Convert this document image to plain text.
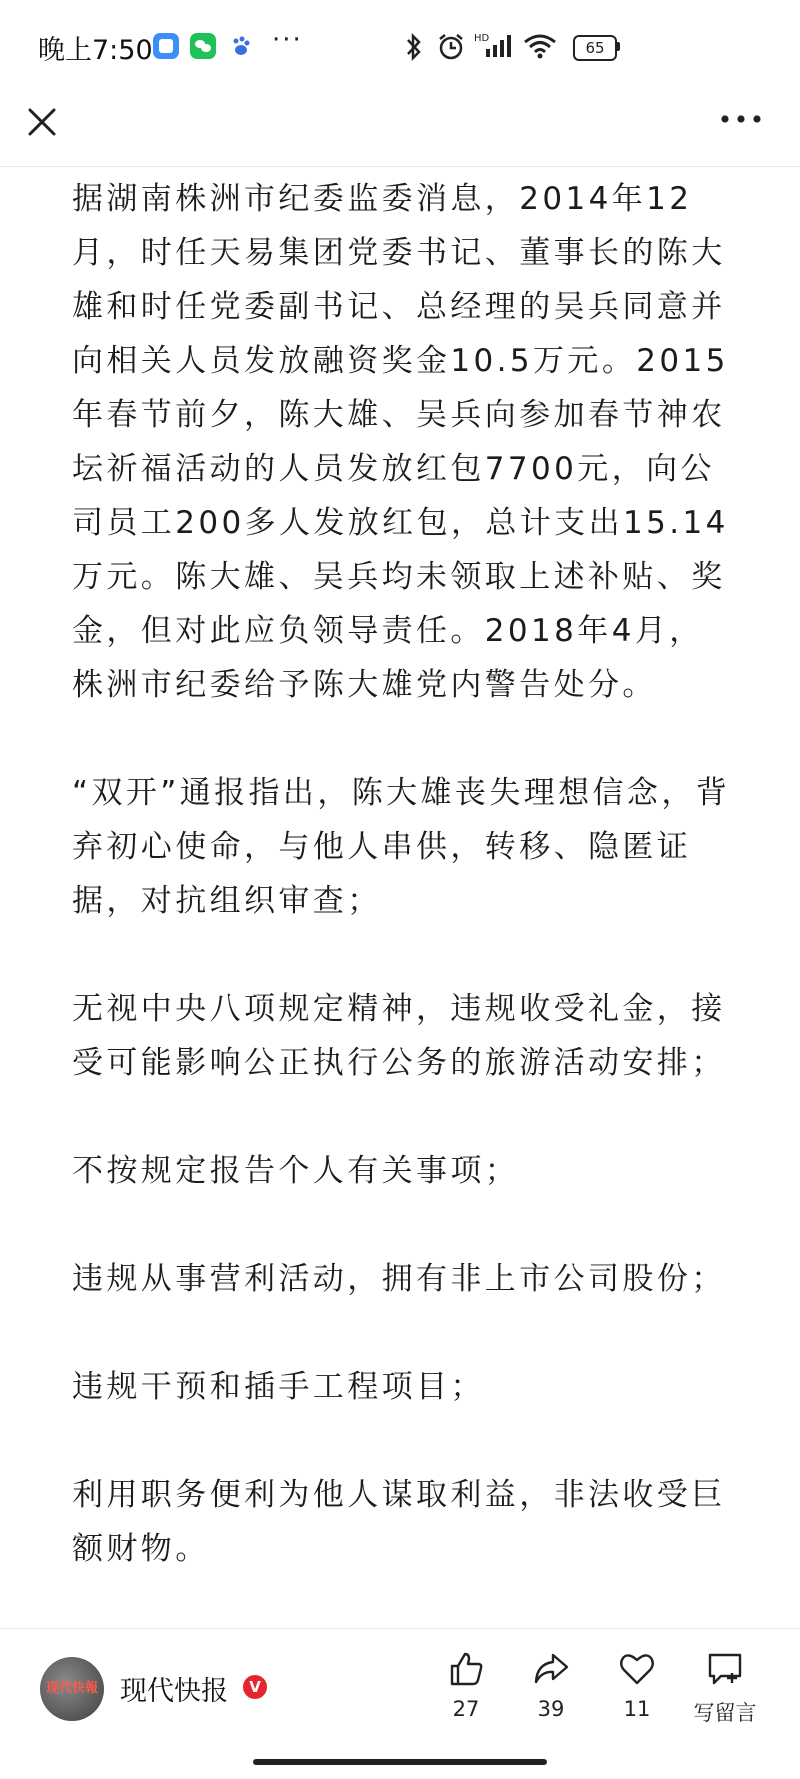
晚上7:50	···	HD
65

据湖南株洲市纪委监委消息，2014年12月，时任天易集团党委书记、董事长的陈大雄和时任党委副书记、总经理的吴兵同意并向相关人员发放融资奖金10.5万元。2015年春节前夕，陈大雄、吴兵向参加春节神农坛祈福活动的人员发放红包7700元，向公司员工200多人发放红包，总计支出15.14万元。陈大雄、吴兵均未领取上述补贴、奖金，但对此应负领导责任。2018年4月，株洲市纪委给予陈大雄党内警告处分。

“双开”通报指出，陈大雄丧失理想信念，背弃初心使命，与他人串供，转移、隐匿证据，对抗组织审查；

无视中央八项规定精神，违规收受礼金，接受可能影响公正执行公务的旅游活动安排；

不按规定报告个人有关事项；

违规从事营利活动，拥有非上市公司股份；

违规干预和插手工程项目；

利用职务便利为他人谋取利益，非法收受巨额财物。

现代快報 现代快报	V
27	39	11	写留言
